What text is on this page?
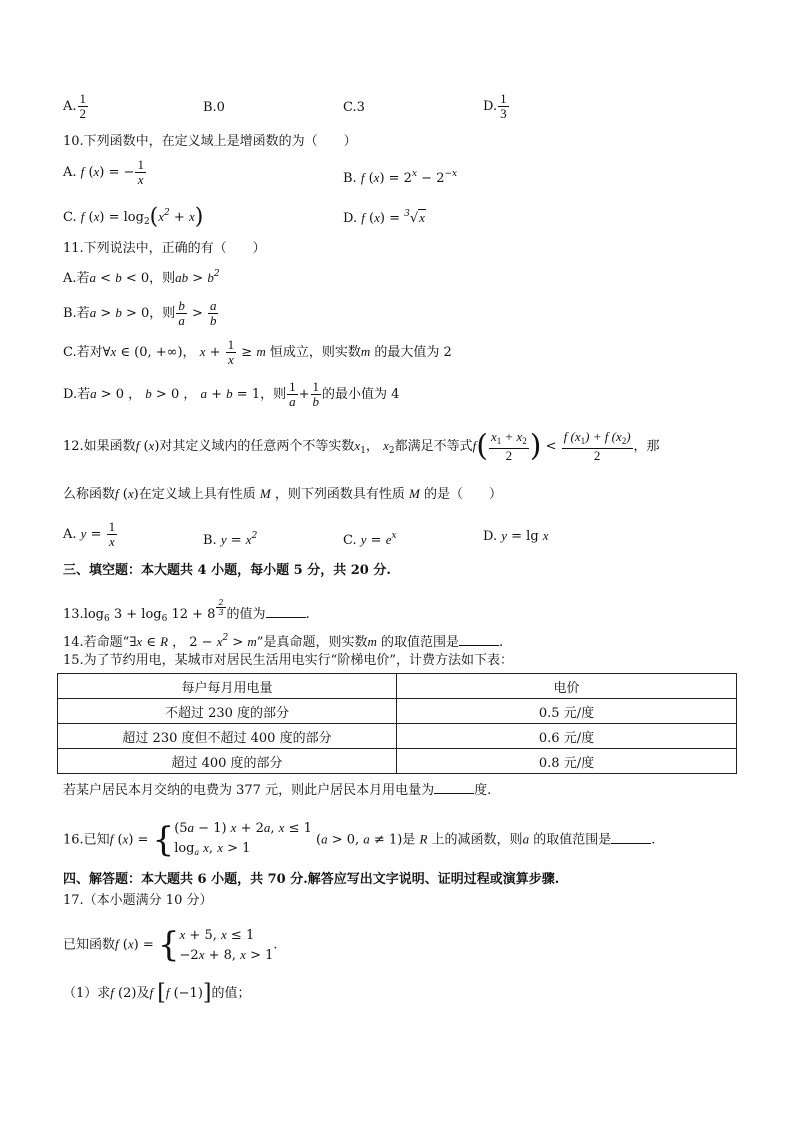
A. $\frac{1}{2}$	B.0	C.3	D. $\frac{1}{3}$
10.下列函数中，在定义域上是增函数的为（　　）
A. f (x) = − $\frac{1}{x}$	B. f $(x) = 2^x - 2^{-x}$
C. f $(x) = \log_2(x^2 + x)$	D. f (x) = $^3$√x
11.下列说法中，正确的有（　　）
A.若a < b < 0，则ab > $b^2$
B.若a > b > 0，则 $\frac{b}{a} > \frac{a}{b}$
C.若对∀x ∈ (0, +∞)， $x + \frac{1}{x} \ge m$ 恒成立，则实数m 的最大值为 2
D.若a > 0 ， b > 0 ， a + b = 1，则 $\frac{1}{a} + \frac{1}{b}$ 的最小值为 4
12.如果函数f (x)对其定义域内的任意两个不等实数$x_1$， $x_2$都满足不等式$f( \frac{x_1 + x_2}{2}$ ) < $\frac{f (x_1) + f (x_2)}{2}$ ，那
么称函数f (x)在定义域上具有性质 M ，则下列函数具有性质 M 的是（　　）
A. $y = \frac{1}{x}$	B. $y = x^2$	C. $y = e^x$	D. y = lg x
三、填空题：本大题共 4 小题，每小题 5 分，共 20 分.
$13.\log_6$ $3 + \log_6 12 + 8$ $^{\frac{2}{3}}$ 的值为	.
14.若命题“∃x ∈ R ， $2 - x^2 > m$”是真命题，则实数m 的取值范围是	.
15.为了节约用电，某城市对居民生活用电实行“阶梯电价”，计费方法如下表：
每户每月用电量	电价
不超过 230 度的部分	0.5 元/度
超过 230 度但不超过 400 度的部分	0.6 元/度
超过 400 度的部分	0.8 元/度
若某户居民本月交纳的电费为 377 元，则此户居民本月用电量为	度.
16.已知f (x) = { (5a − 1) x + 2a, x ≤ 1
$\log_a x$, x > 1
(a > 0, a ≠ 1)是 R 上的减函数，则a 的取值范围是	.
四、解答题：本大题共 6 小题，共 70 分.解答应写出文字说明、证明过程或演算步骤.
17.（本小题满分 10 分）
已知函数f (x) = { x + 5, x ≤ 1
−2x + 8, x > 1
.
（1）求f (2)及f [f (−1)]的值；
